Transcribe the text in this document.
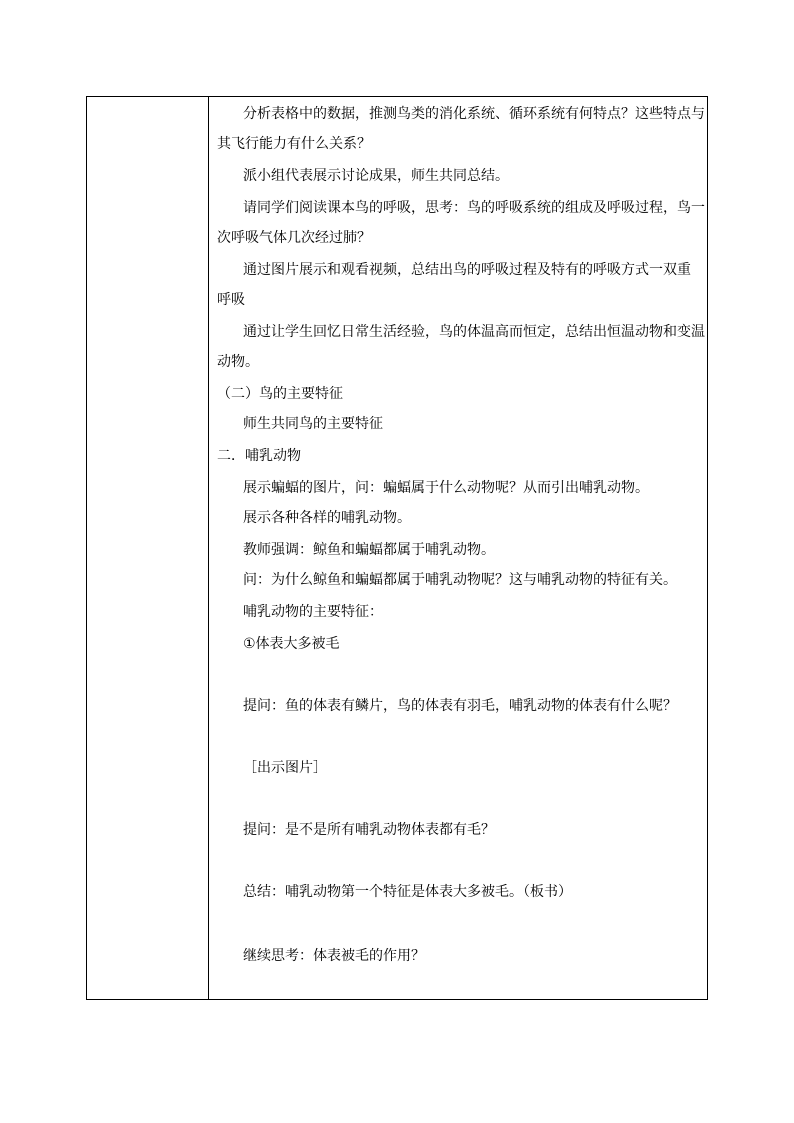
分析表格中的数据，推测鸟类的消化系统、循环系统有何特点？这些特点与
其飞行能力有什么关系？
派小组代表展示讨论成果，师生共同总结。
请同学们阅读课本鸟的呼吸，思考：鸟的呼吸系统的组成及呼吸过程，鸟一
次呼吸气体几次经过肺？
通过图片展示和观看视频，总结出鸟的呼吸过程及特有的呼吸方式一双重
呼吸
通过让学生回忆日常生活经验，鸟的体温高而恒定，总结出恒温动物和变温
动物。
（二）鸟的主要特征
师生共同鸟的主要特征
二．哺乳动物
展示蝙蝠的图片，问：蝙蝠属于什么动物呢？从而引出哺乳动物。
展示各种各样的哺乳动物。
教师强调：鲸鱼和蝙蝠都属于哺乳动物。
问：为什么鲸鱼和蝙蝠都属于哺乳动物呢？这与哺乳动物的特征有关。
哺乳动物的主要特征：
①体表大多被毛
提问：鱼的体表有鳞片，鸟的体表有羽毛，哺乳动物的体表有什么呢？
［出示图片］
提问：是不是所有哺乳动物体表都有毛？
总结：哺乳动物第一个特征是体表大多被毛。（板书）
继续思考：体表被毛的作用？
